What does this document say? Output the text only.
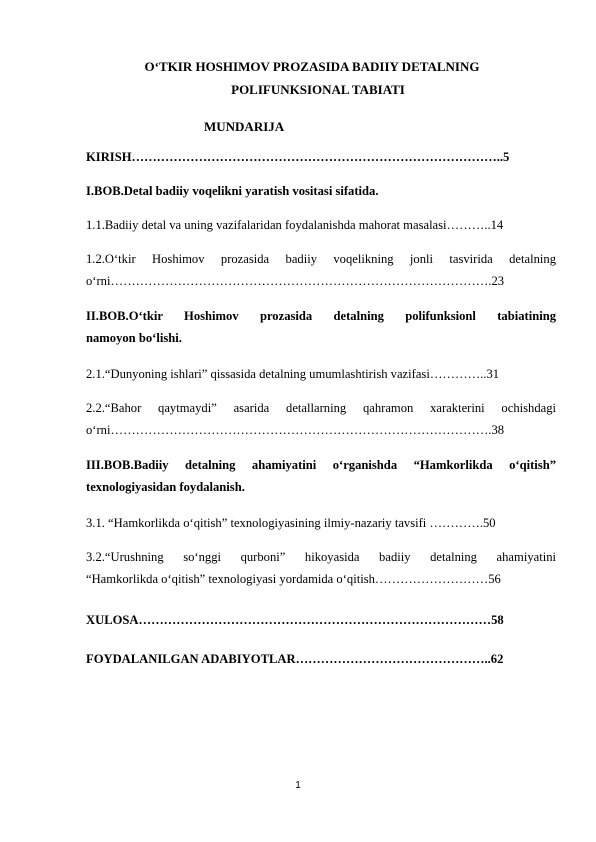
O‘TKIR HOSHIMOV PROZASIDA BADIIY DETALNING
POLIFUNKSIONAL TABIATI
MUNDARIJA
KIRISH……………………………………………………………………………..5
I.BOB.Detal badiiy voqelikni yaratish vositasi sifatida.
1.1.Badiiy detal va uning vazifalaridan foydalanishda mahorat masalasi………..14
1.2.O‘tkir Hoshimov prozasida badiiy voqelikning jonli tasvirida detalning
o‘rni……………………………………………………………………………….23
II.BOB.O‘tkir Hoshimov prozasida detalning polifunksionl tabiatining
namoyon bo‘lishi.
2.1.“Dunyoning ishlari” qissasida detalning umumlashtirish vazifasi…………..31
2.2.“Bahor qaytmaydi” asarida detallarning qahramon xarakterini ochishdagi
o‘rni……………………………………………………………………………….38
III.BOB.Badiiy detalning ahamiyatini o‘rganishda “Hamkorlikda o‘qitish”
texnologiyasidan foydalanish.
3.1. “Hamkorlikda o‘qitish” texnologiyasining ilmiy-nazariy tavsifi ………….50
3.2.“Urushning so‘nggi qurboni” hikoyasida badiiy detalning ahamiyatini
“Hamkorlikda o‘qitish” texnologiyasi yordamida o‘qitish………………………56
XULOSA…………………………………………………………………………58
FOYDALANILGAN ADABIYOTLAR………………………………………..62
1
